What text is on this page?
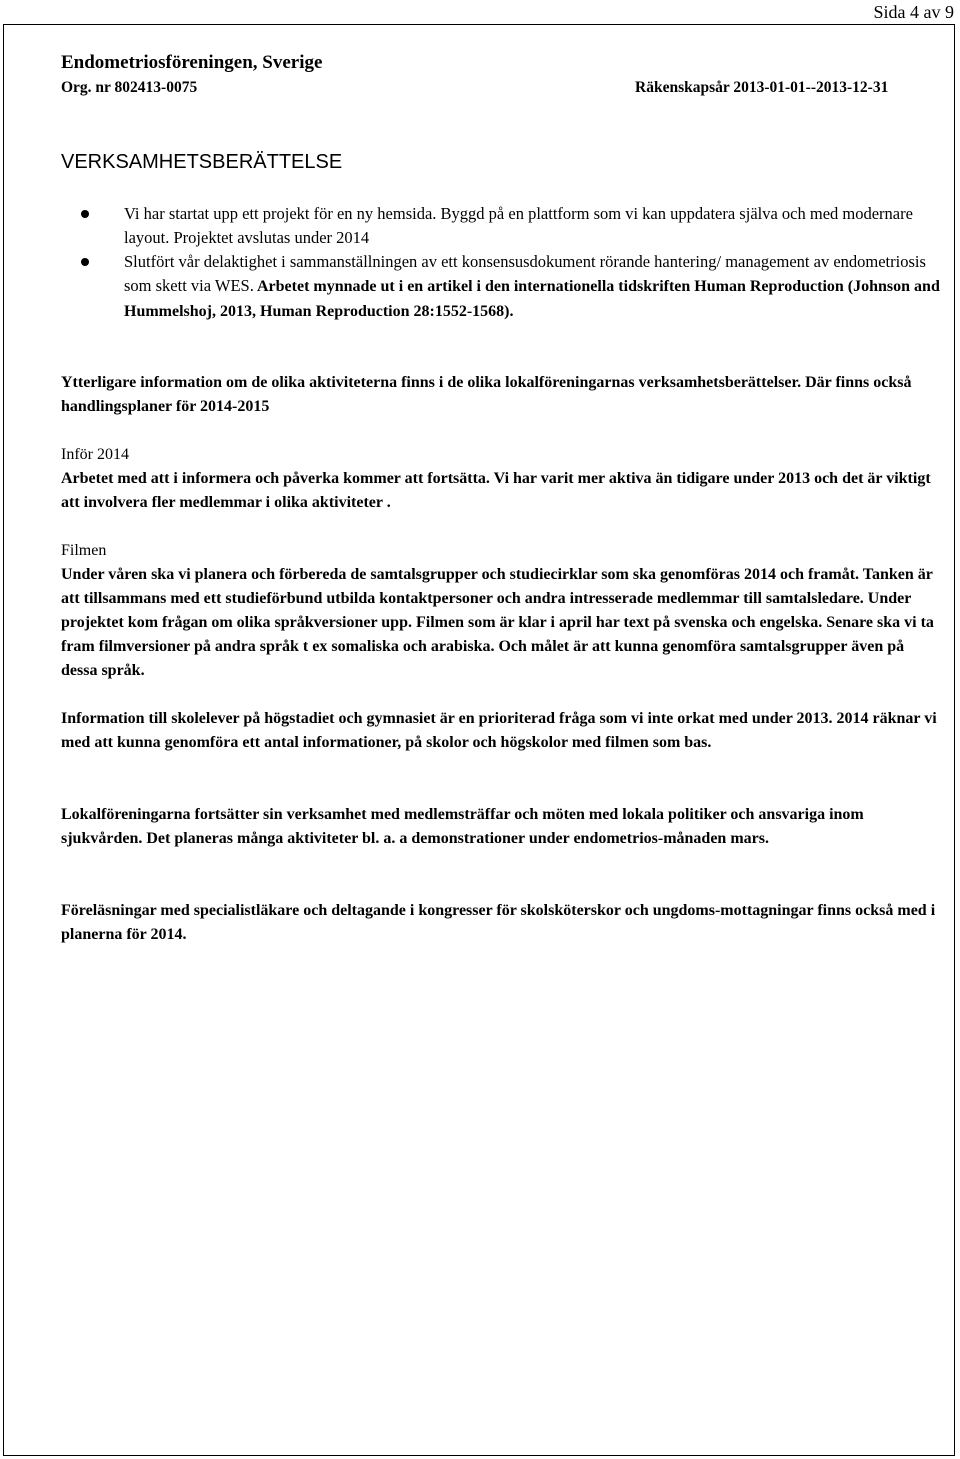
Sida 4 av 9
Endometriosföreningen, Sverige
Org. nr 802413-0075	Räkenskapsår 2013-01-01--2013-12-31
VERKSAMHETSBERÄTTELSE
Vi har startat upp ett projekt för en ny hemsida. Byggd på en plattform som vi kan uppdatera själva och med modernare layout. Projektet avslutas under 2014
Slutfört vår delaktighet i sammanställningen av ett konsensusdokument rörande hantering/ management av endometriosis som skett via WES. Arbetet mynnade ut i en artikel i den internationella tidskriften Human Reproduction (Johnson and Hummelshoj, 2013, Human Reproduction 28:1552-1568).

Ytterligare information om de olika aktiviteterna finns i de olika lokalföreningarnas verksamhetsberättelser. Där finns också handlingsplaner för 2014-2015

Inför 2014

Arbetet med att i informera och påverka kommer att fortsätta. Vi har varit mer aktiva än tidigare under 2013 och det är viktigt att involvera fler medlemmar i olika aktiviteter .

Filmen

Under våren ska vi planera och förbereda de samtalsgrupper och studiecirklar som ska genomföras 2014 och framåt. Tanken är att tillsammans med ett studieförbund utbilda kontaktpersoner och andra intresserade medlemmar till samtalsledare. Under projektet kom frågan om olika språkversioner upp. Filmen som är klar i april har text på svenska och engelska. Senare ska vi ta fram filmversioner på andra språk t ex somaliska och arabiska. Och målet är att kunna genomföra samtalsgrupper även på dessa språk.

Information till skolelever på högstadiet och gymnasiet är en prioriterad fråga som vi inte orkat med under 2013. 2014 räknar vi med att kunna genomföra ett antal informationer, på skolor och högskolor med filmen som bas.

Lokalföreningarna fortsätter sin verksamhet med medlemsträffar och möten med lokala politiker och ansvariga inom sjukvården. Det planeras många aktiviteter bl. a. a demonstrationer under endometrios-månaden mars.

Föreläsningar med specialistläkare och deltagande i kongresser för skolsköterskor och ungdoms-mottagningar finns också med i planerna för 2014.
